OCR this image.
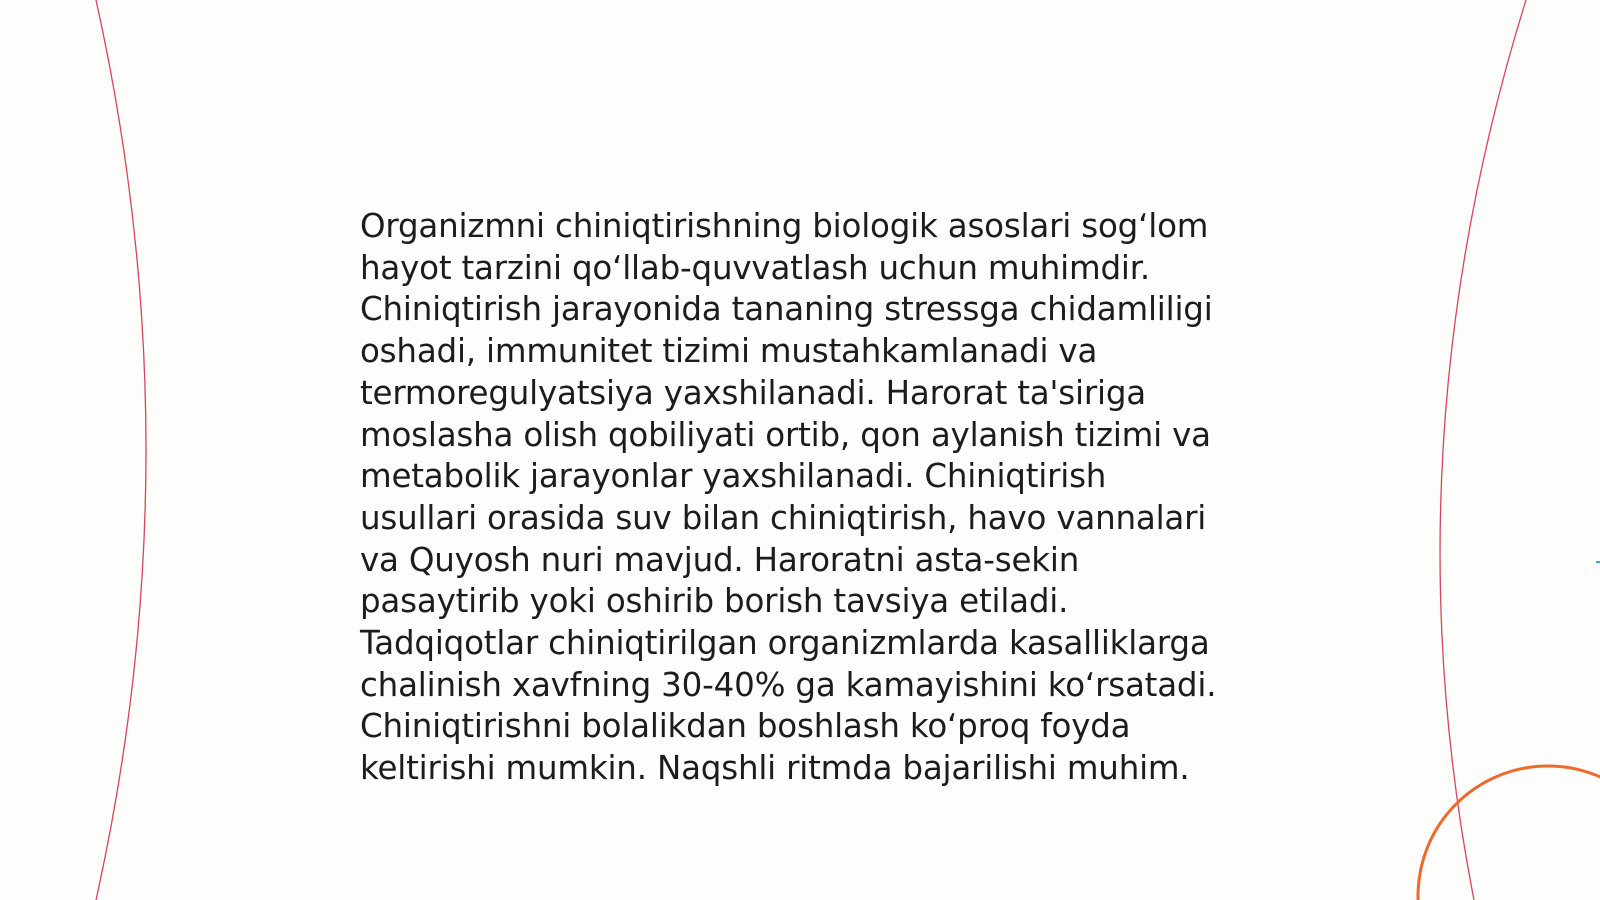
Organizmni chiniqtirishning biologik asoslari sog‘lom
hayot tarzini qo‘llab-quvvatlash uchun muhimdir.
Chiniqtirish jarayonida tananing stressga chidamliligi
oshadi, immunitet tizimi mustahkamlanadi va
termoregulyatsiya yaxshilanadi. Harorat ta'siriga
moslasha olish qobiliyati ortib, qon aylanish tizimi va
metabolik jarayonlar yaxshilanadi. Chiniqtirish
usullari orasida suv bilan chiniqtirish, havo vannalari
va Quyosh nuri mavjud. Haroratni asta-sekin
pasaytirib yoki oshirib borish tavsiya etiladi.
Tadqiqotlar chiniqtirilgan organizmlarda kasalliklarga
chalinish xavfning 30-40% ga kamayishini ko‘rsatadi.
Chiniqtirishni bolalikdan boshlash ko‘proq foyda
keltirishi mumkin. Naqshli ritmda bajarilishi muhim.
